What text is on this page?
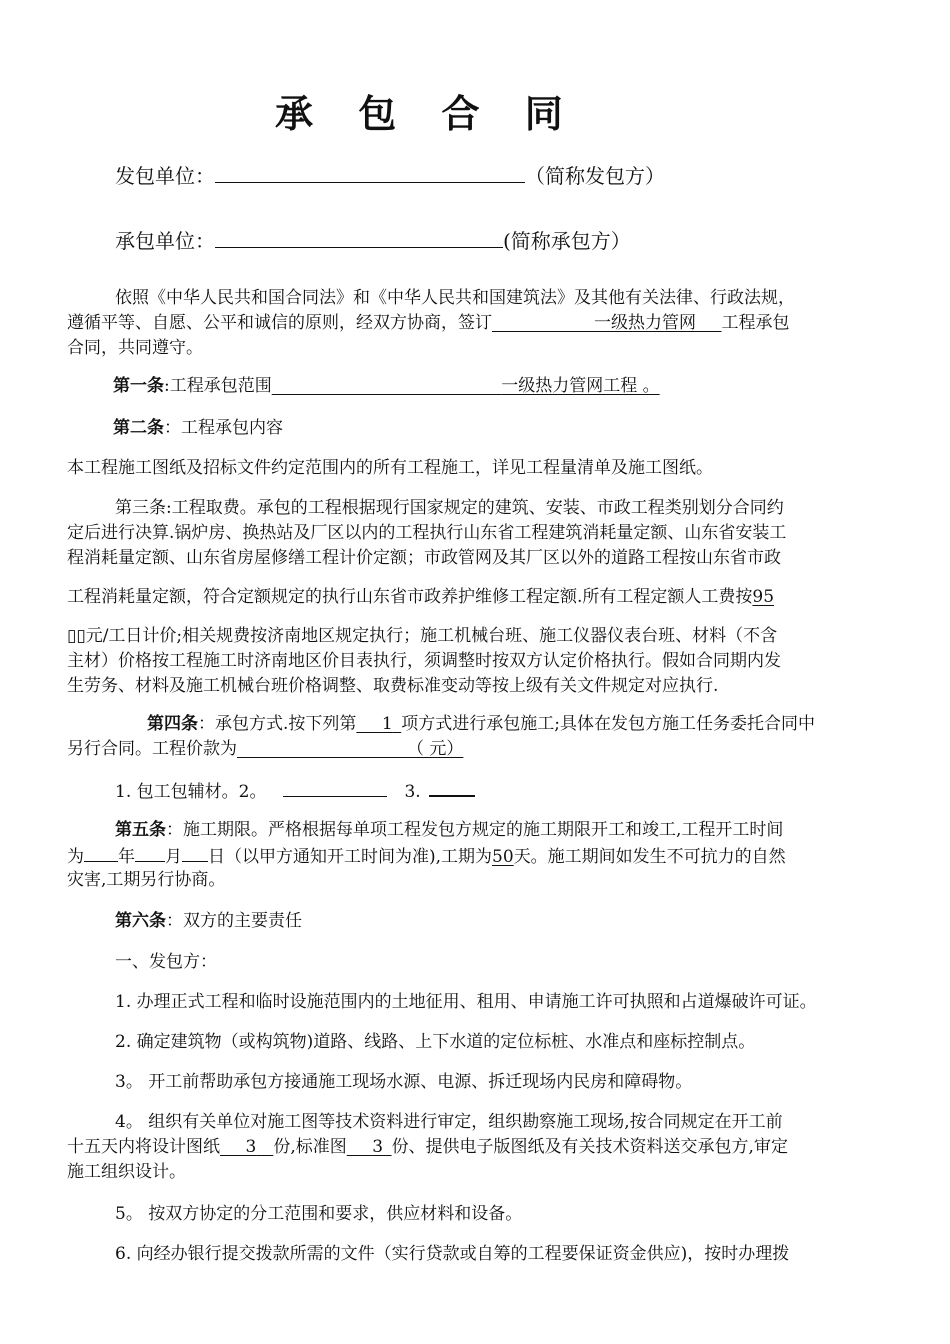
承 包 合 同
发包单位：	（简称发包方）
承包单位：	(简称承包方）
依照《中华人民共和国合同法》和《中华人民共和国建筑法》及其他有关法律、行政法规，
遵循平等、自愿、公平和诚信的原则，经双方协商，签订      	一级热力管网   工程承包
合同，共同遵守。
第一条:工程承包范围              	一级热力管网工程 。
第二条：工程承包内容
本工程施工图纸及招标文件约定范围内的所有工程施工，详见工程量清单及施工图纸。
第三条:工程取费。承包的工程根据现行国家规定的建筑、安装、市政工程类别划分合同约
定后进行决算.锅炉房、换热站及厂区以内的工程执行山东省工程建筑消耗量定额、山东省安装工
程消耗量定额、山东省房屋修缮工程计价定额；市政管网及其厂区以外的道路工程按山东省市政
工程消耗量定额，符合定额规定的执行山东省市政养护维修工程定额.所有工程定额人工费按95
▯▯元/工日计价;相关规费按济南地区规定执行；施工机械台班、施工仪器仪表台班、材料（不含
主材）价格按工程施工时济南地区价目表执行，须调整时按双方认定价格执行。假如合同期内发
生劳务、材料及施工机械台班价格调整、取费标准变动等按上级有关文件规定对应执行.
第四条：承包方式.按下列第   1  项方式进行承包施工;具体在发包方施工任务委托合同中
另行合同。工程价款为          	（ 元）
1. 包工包辅材。2。  	3. 
第五条：施工期限。严格根据每单项工程发包方规定的施工期限开工和竣工,工程开工时间
为 年 月 日（以甲方通知开工时间为准),工期为50天。施工期间如发生不可抗力的自然
灾害,工期另行协商。
第六条：双方的主要责任
一、发包方：
1. 办理正式工程和临时设施范围内的土地征用、租用、申请施工许可执照和占道爆破许可证。
2. 确定建筑物（或构筑物)道路、线路、上下水道的定位标桩、水准点和座标控制点。
3。 开工前帮助承包方接通施工现场水源、电源、拆迁现场内民房和障碍物。
4。 组织有关单位对施工图等技术资料进行审定，组织勘察施工现场,按合同规定在开工前
十五天内将设计图纸    3   份,标准图    3  份、提供电子版图纸及有关技术资料送交承包方,审定
施工组织设计。
5。 按双方协定的分工范围和要求，供应材料和设备。
6. 向经办银行提交拨款所需的文件（实行贷款或自筹的工程要保证资金供应)，按时办理拨
